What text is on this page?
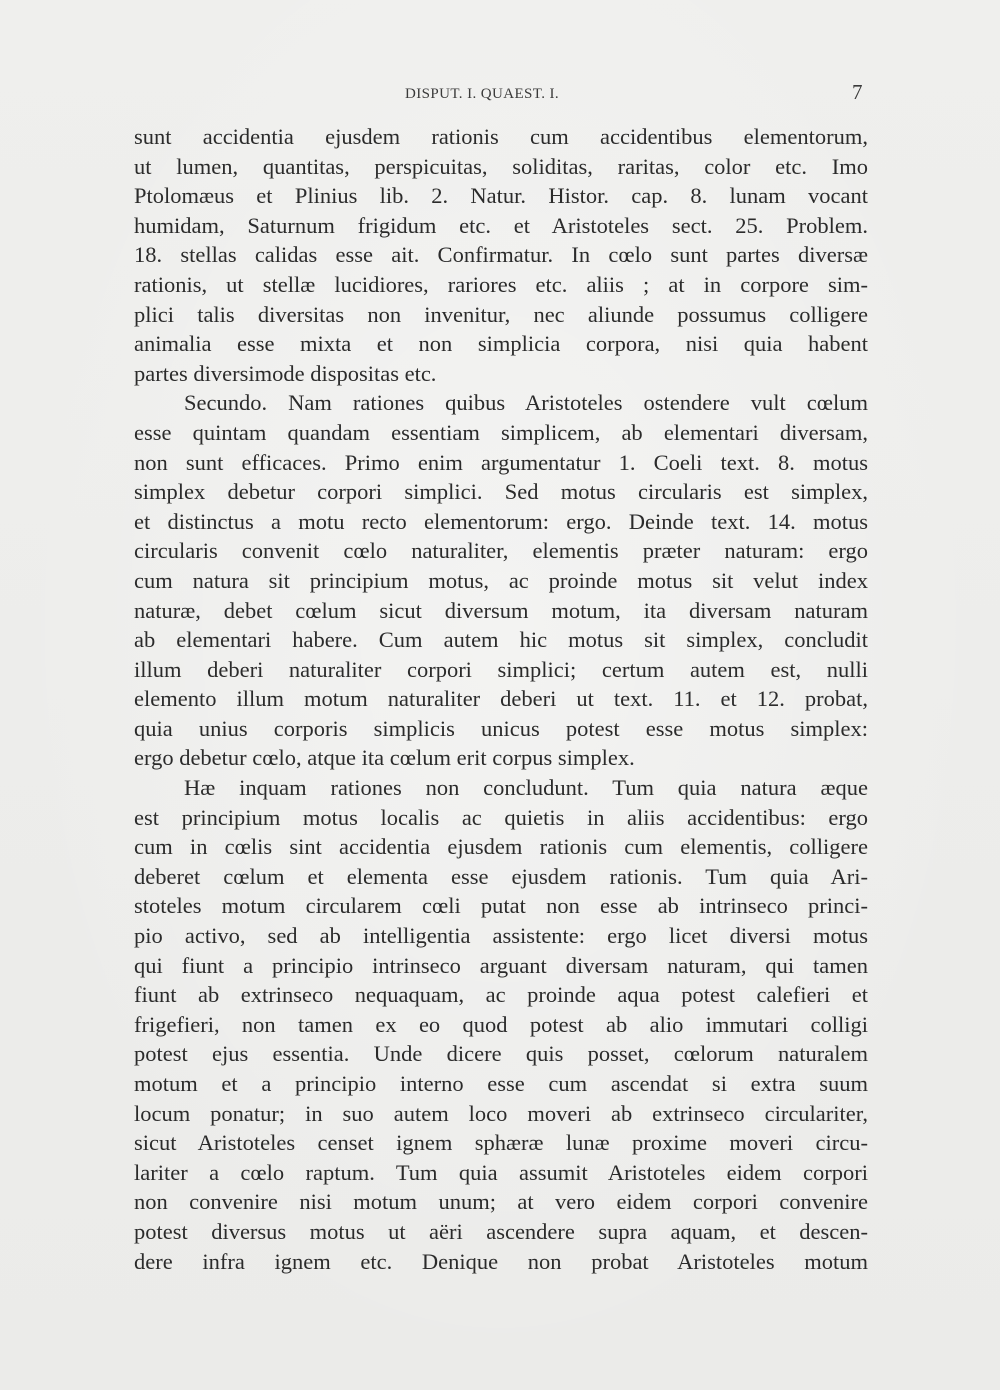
DISPUT. I. QUAEST. I.	7
sunt accidentia ejusdem rationis cum accidentibus elementorum,
ut lumen, quantitas, perspicuitas, soliditas, raritas, color etc. Imo
Ptolomæus et Plinius lib. 2. Natur. Histor. cap. 8. lunam vocant
humidam, Saturnum frigidum etc. et Aristoteles sect. 25. Problem.
18. stellas calidas esse ait. Confirmatur. In cœlo sunt partes diversæ
rationis, ut stellæ lucidiores, rariores etc. aliis ; at in corpore sim-
plici talis diversitas non invenitur, nec aliunde possumus colligere
animalia esse mixta et non simplicia corpora, nisi quia habent
partes diversimode dispositas etc.
Secundo. Nam rationes quibus Aristoteles ostendere vult cœlum
esse quintam quandam essentiam simplicem, ab elementari diversam,
non sunt efficaces. Primo enim argumentatur 1. Coeli text. 8. motus
simplex debetur corpori simplici. Sed motus circularis est simplex,
et distinctus a motu recto elementorum: ergo. Deinde text. 14. motus
circularis convenit cœlo naturaliter, elementis præter naturam: ergo
cum natura sit principium motus, ac proinde motus sit velut index
naturæ, debet cœlum sicut diversum motum, ita diversam naturam
ab elementari habere. Cum autem hic motus sit simplex, concludit
illum deberi naturaliter corpori simplici; certum autem est, nulli
elemento illum motum naturaliter deberi ut text. 11. et 12. probat,
quia unius corporis simplicis unicus potest esse motus simplex:
ergo debetur cœlo, atque ita cœlum erit corpus simplex.
Hæ inquam rationes non concludunt. Tum quia natura æque
est principium motus localis ac quietis in aliis accidentibus: ergo
cum in cœlis sint accidentia ejusdem rationis cum elementis, colligere
deberet cœlum et elementa esse ejusdem rationis. Tum quia Ari-
stoteles motum circularem cœli putat non esse ab intrinseco princi-
pio activo, sed ab intelligentia assistente: ergo licet diversi motus
qui fiunt a principio intrinseco arguant diversam naturam, qui tamen
fiunt ab extrinseco nequaquam, ac proinde aqua potest calefieri et
frigefieri, non tamen ex eo quod potest ab alio immutari colligi
potest ejus essentia. Unde dicere quis posset, cœlorum naturalem
motum et a principio interno esse cum ascendat si extra suum
locum ponatur; in suo autem loco moveri ab extrinseco circulariter,
sicut Aristoteles censet ignem sphæræ lunæ proxime moveri circu-
lariter a cœlo raptum. Tum quia assumit Aristoteles eidem corpori
non convenire nisi motum unum; at vero eidem corpori convenire
potest diversus motus ut aëri ascendere supra aquam, et descen-
dere infra ignem etc. Denique non probat Aristoteles motum
